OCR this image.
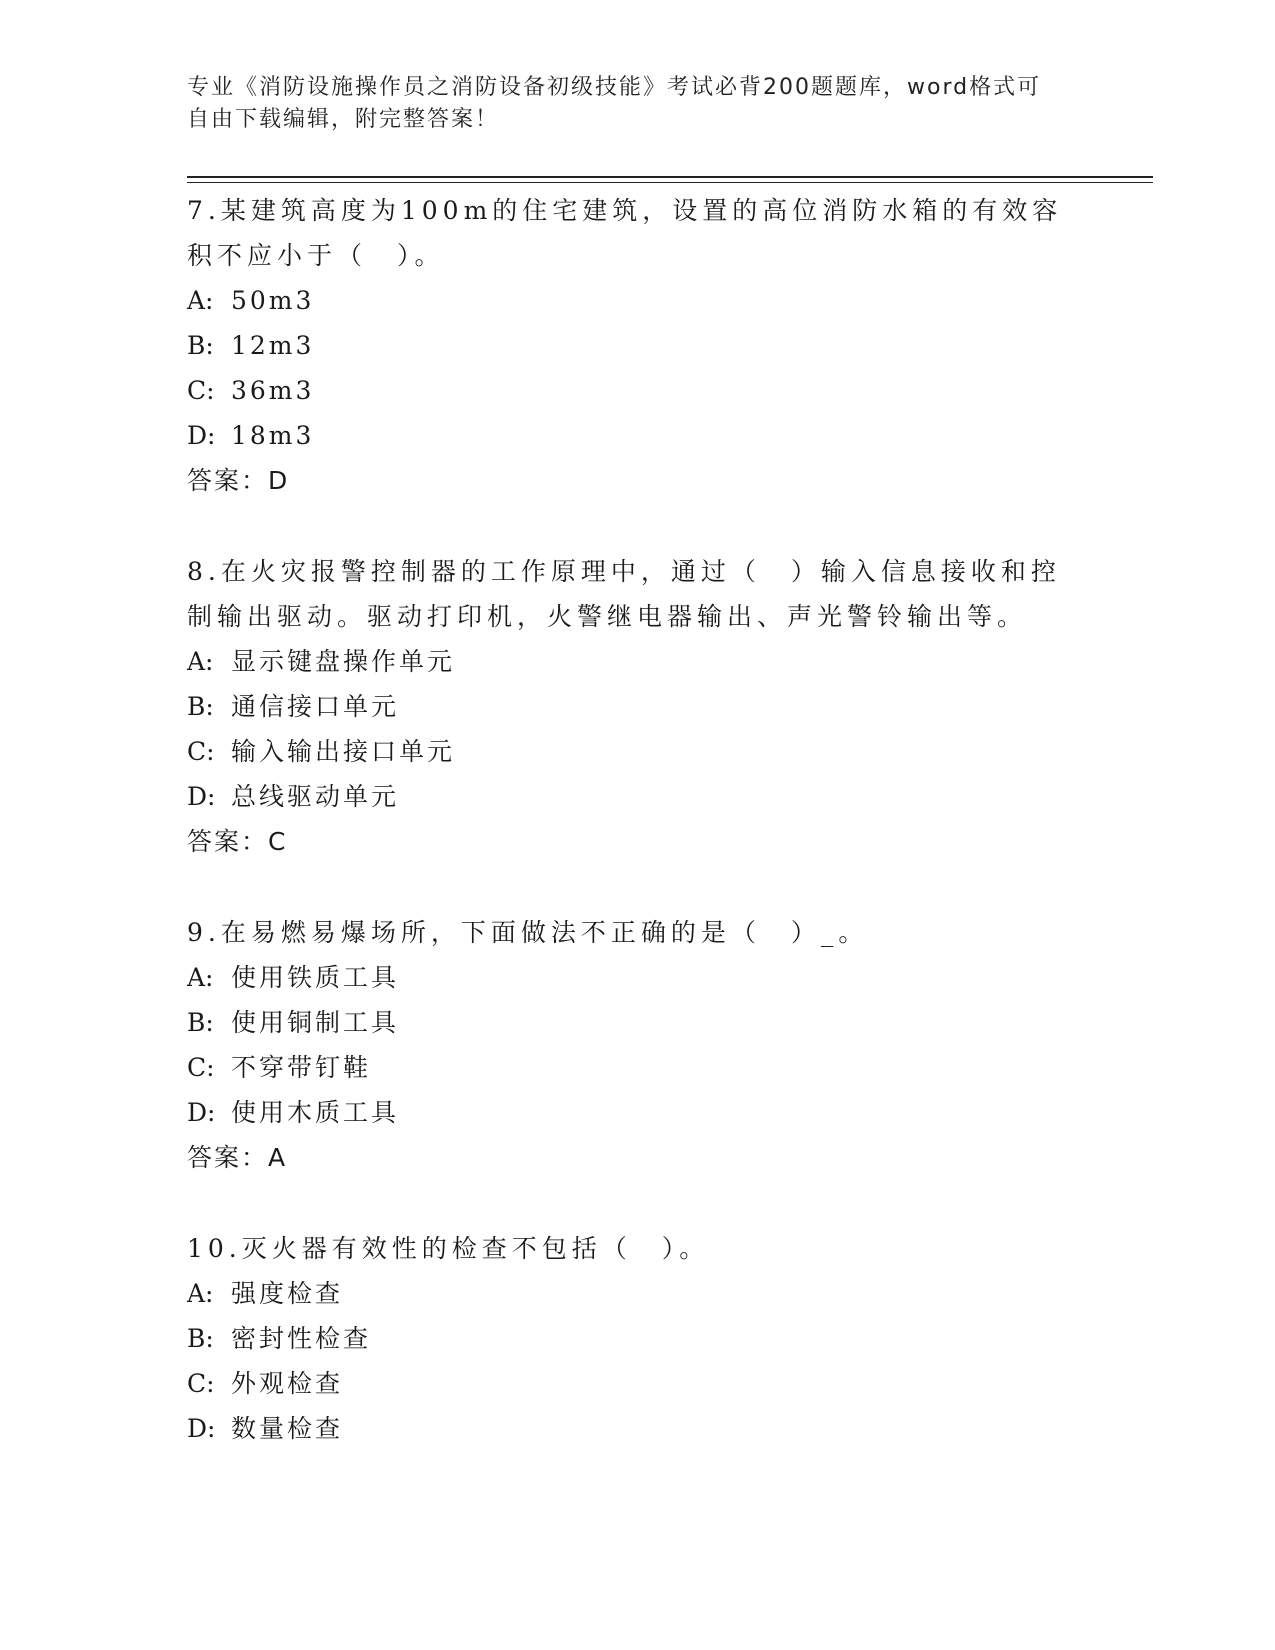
专业《消防设施操作员之消防设备初级技能》考试必背200题题库，word格式可
自由下载编辑，附完整答案！

7.某建筑高度为100m的住宅建筑，设置的高位消防水箱的有效容积不应小于（　）。

A: 50m3

B: 12m3

C: 36m3

D: 18m3

答案：D

8.在火灾报警控制器的工作原理中，通过（　）输入信息接收和控制输出驱动。驱动打印机，火警继电器输出、声光警铃输出等。

A: 显示键盘操作单元

B: 通信接口单元

C: 输入输出接口单元

D: 总线驱动单元

答案：C

9.在易燃易爆场所，下面做法不正确的是（　）_。

A: 使用铁质工具

B: 使用铜制工具

C: 不穿带钉鞋

D: 使用木质工具

答案：A

10.灭火器有效性的检查不包括（　）。

A: 强度检查

B: 密封性检查

C: 外观检查

D: 数量检查
